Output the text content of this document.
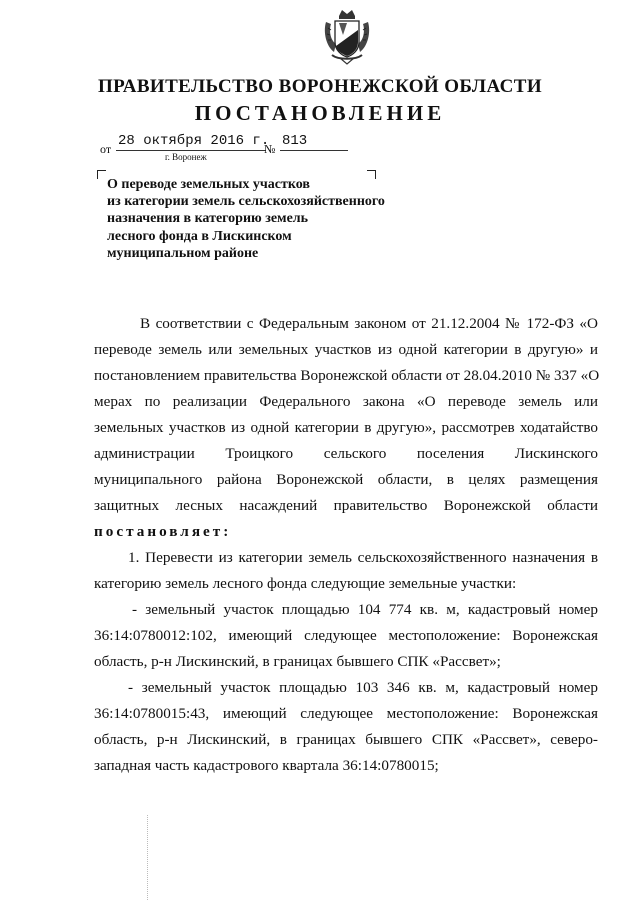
ПРАВИТЕЛЬСТВО ВОРОНЕЖСКОЙ ОБЛАСТИ
ПОСТАНОВЛЕНИЕ
от 28 октября 2016 г.
№ 813
г. Воронеж
О переводе земельных участков
из категории земель сельскохозяйственного
назначения в категорию земель
лесного фонда в Лискинском
муниципальном районе
В соответствии с Федеральным законом от 21.12.2004 № 172-ФЗ «О
переводе земель или земельных участков из одной категории в другую» и
постановлением правительства Воронежской области от 28.04.2010 № 337 «О
мерах по реализации Федерального закона «О переводе земель или
земельных участков из одной категории в другую», рассмотрев ходатайство
администрации Троицкого сельского поселения Лискинского
муниципального района Воронежской области, в целях размещения
защитных лесных насаждений правительство Воронежской области
постановляет:
1. Перевести из категории земель сельскохозяйственного назначения в
категорию земель лесного фонда следующие земельные участки:
- земельный участок площадью 104 774 кв. м, кадастровый номер
36:14:0780012:102, имеющий следующее местоположение: Воронежская
область, р-н Лискинский, в границах бывшего СПК «Рассвет»;
- земельный участок площадью 103 346 кв. м, кадастровый номер
36:14:0780015:43, имеющий следующее местоположение: Воронежская
область, р-н Лискинский, в границах бывшего СПК «Рассвет», северо-
западная часть кадастрового квартала 36:14:0780015;
